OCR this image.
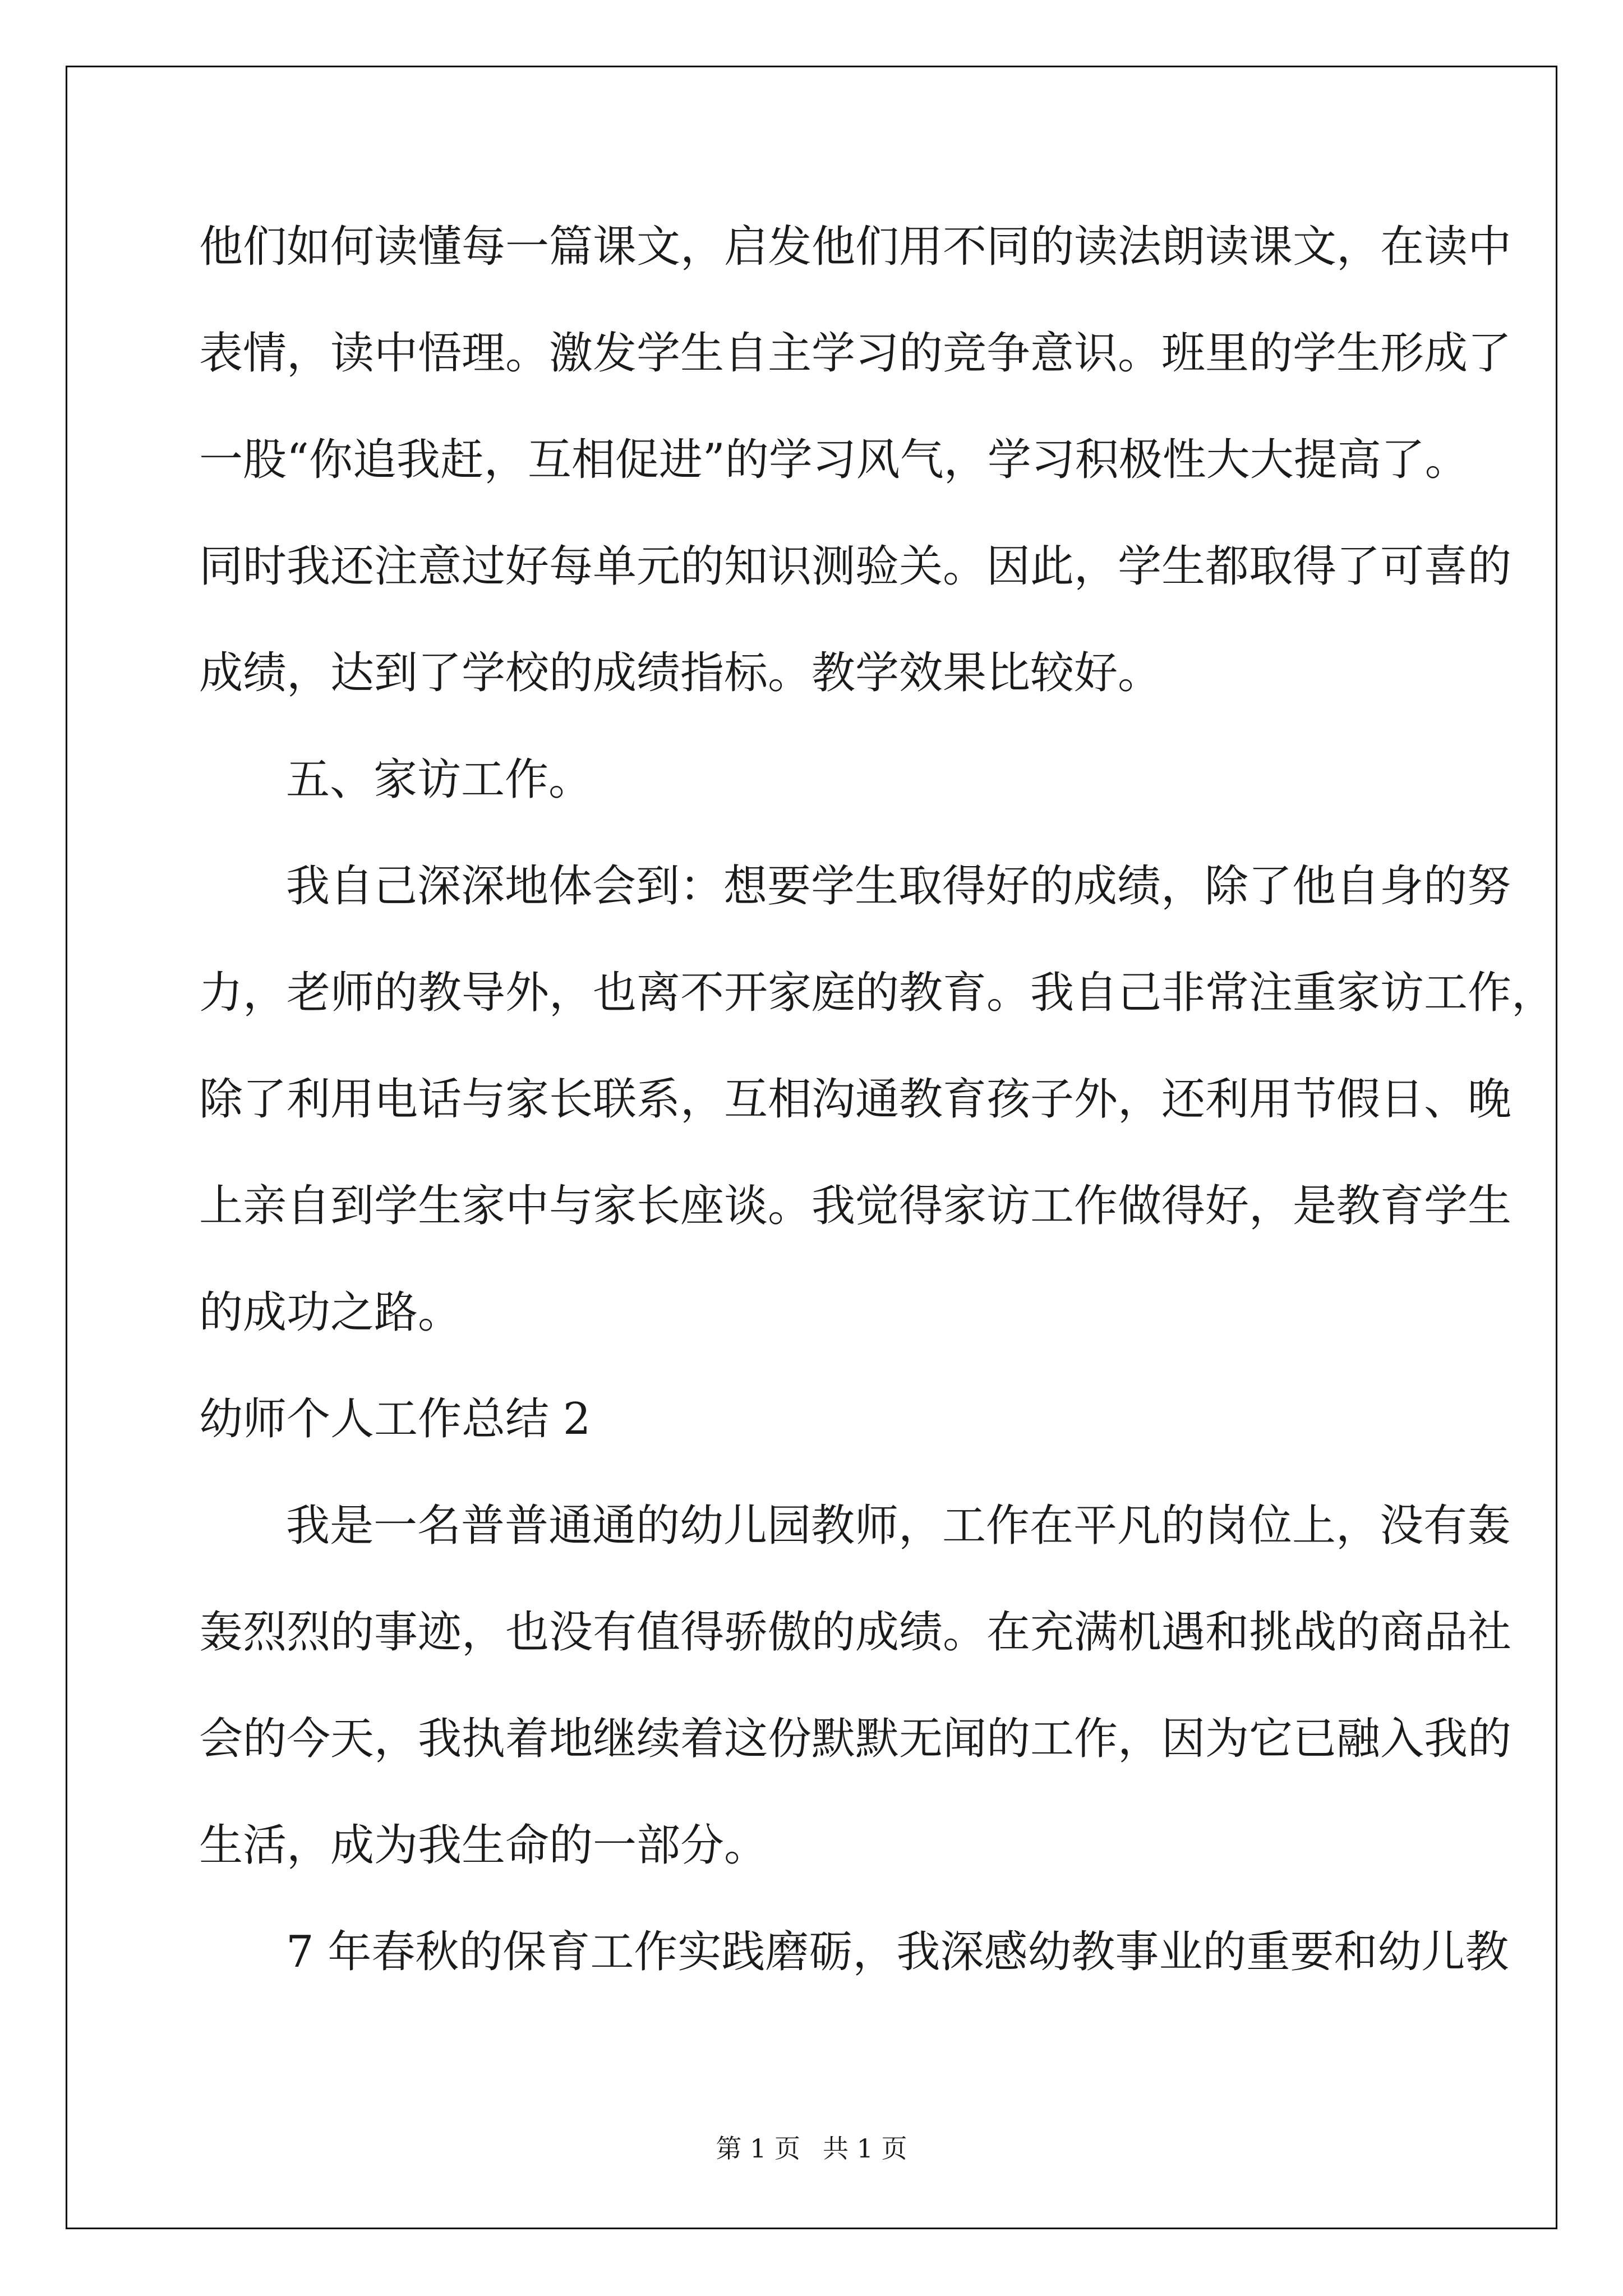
他们如何读懂每一篇课文，启发他们用不同的读法朗读课文，在读中
表情，读中悟理。激发学生自主学习的竞争意识。班里的学生形成了
一股“你追我赶，互相促进”的学习风气，学习积极性大大提高了。
同时我还注意过好每单元的知识测验关。因此，学生都取得了可喜的
成绩，达到了学校的成绩指标。教学效果比较好。
五、家访工作。
我自己深深地体会到：想要学生取得好的成绩，除了他自身的努
力，老师的教导外，也离不开家庭的教育。我自己非常注重家访工作，
除了利用电话与家长联系，互相沟通教育孩子外，还利用节假日、晚
上亲自到学生家中与家长座谈。我觉得家访工作做得好，是教育学生
的成功之路。
幼师个人工作总结 2
我是一名普普通通的幼儿园教师，工作在平凡的岗位上，没有轰
轰烈烈的事迹，也没有值得骄傲的成绩。在充满机遇和挑战的商品社
会的今天，我执着地继续着这份默默无闻的工作，因为它已融入我的
生活，成为我生命的一部分。
7 年春秋的保育工作实践磨砺，我深感幼教事业的重要和幼儿教
第 1 页 共 1 页
